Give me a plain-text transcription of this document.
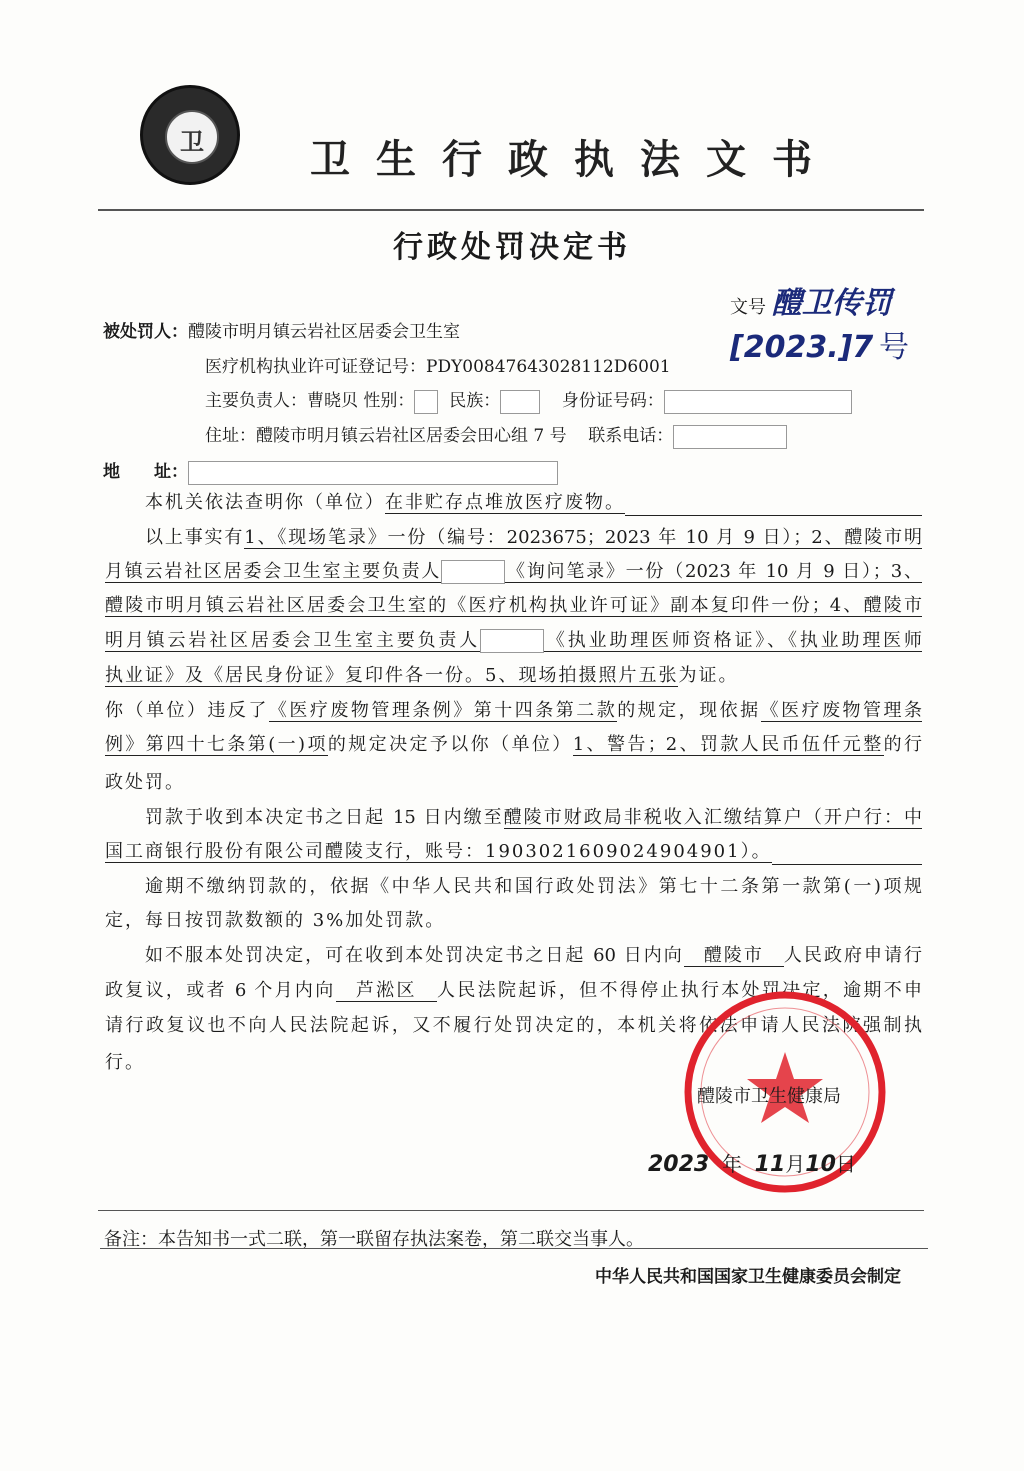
卫	卫生行政执法文书
行政处罚决定书
文号 醴卫传罚[2023.]7 号
被处罚人：醴陵市明月镇云岩社区居委会卫生室
医疗机构执业许可证登记号：PDY00847643028112D6001
主要负责人：曹晓贝 性别： 民族：	身份证号码：
住址：醴陵市明月镇云岩社区居委会田心组 7 号 联系电话：
地　　址：
本机关依法查明你（单位）在非贮存点堆放医疗废物。
以上事实有1、《现场笔录》一份（编号：2023675；2023 年 10 月 9 日）；2、醴陵市明
月镇云岩社区居委会卫生室主要负责人	《询问笔录》一份（2023 年 10 月 9 日）；3、
醴陵市明月镇云岩社区居委会卫生室的《医疗机构执业许可证》副本复印件一份；4、醴陵市
明月镇云岩社区居委会卫生室主要负责人	《执业助理医师资格证》、《执业助理医师
执业证》及《居民身份证》复印件各一份。5、现场拍摄照片五张为证。
你（单位）违反了《医疗废物管理条例》第十四条第二款的规定，现依据《医疗废物管理条
例》第四十七条第(一)项的规定决定予以你（单位）1、警告；2、罚款人民币伍仟元整的行
政处罚。
罚款于收到本决定书之日起 15 日内缴至醴陵市财政局非税收入汇缴结算户（开户行：中
国工商银行股份有限公司醴陵支行，账号：1903021609024904901）。
逾期不缴纳罚款的，依据《中华人民共和国行政处罚法》第七十二条第一款第(一)项规
定，每日按罚款数额的 3%加处罚款。
如不服本处罚决定，可在收到本处罚决定书之日起 60 日内向　醴陵市　人民政府申请行
政复议，或者 6 个月内向　芦淞区　人民法院起诉，但不得停止执行本处罚决定，逾期不申
请行政复议也不向人民法院起诉，又不履行处罚决定的，本机关将依法申请人民法院强制执
行。
醴陵市卫生健康局
2023 年 11月10日
备注：本告知书一式二联，第一联留存执法案卷，第二联交当事人。
中华人民共和国国家卫生健康委员会制定
